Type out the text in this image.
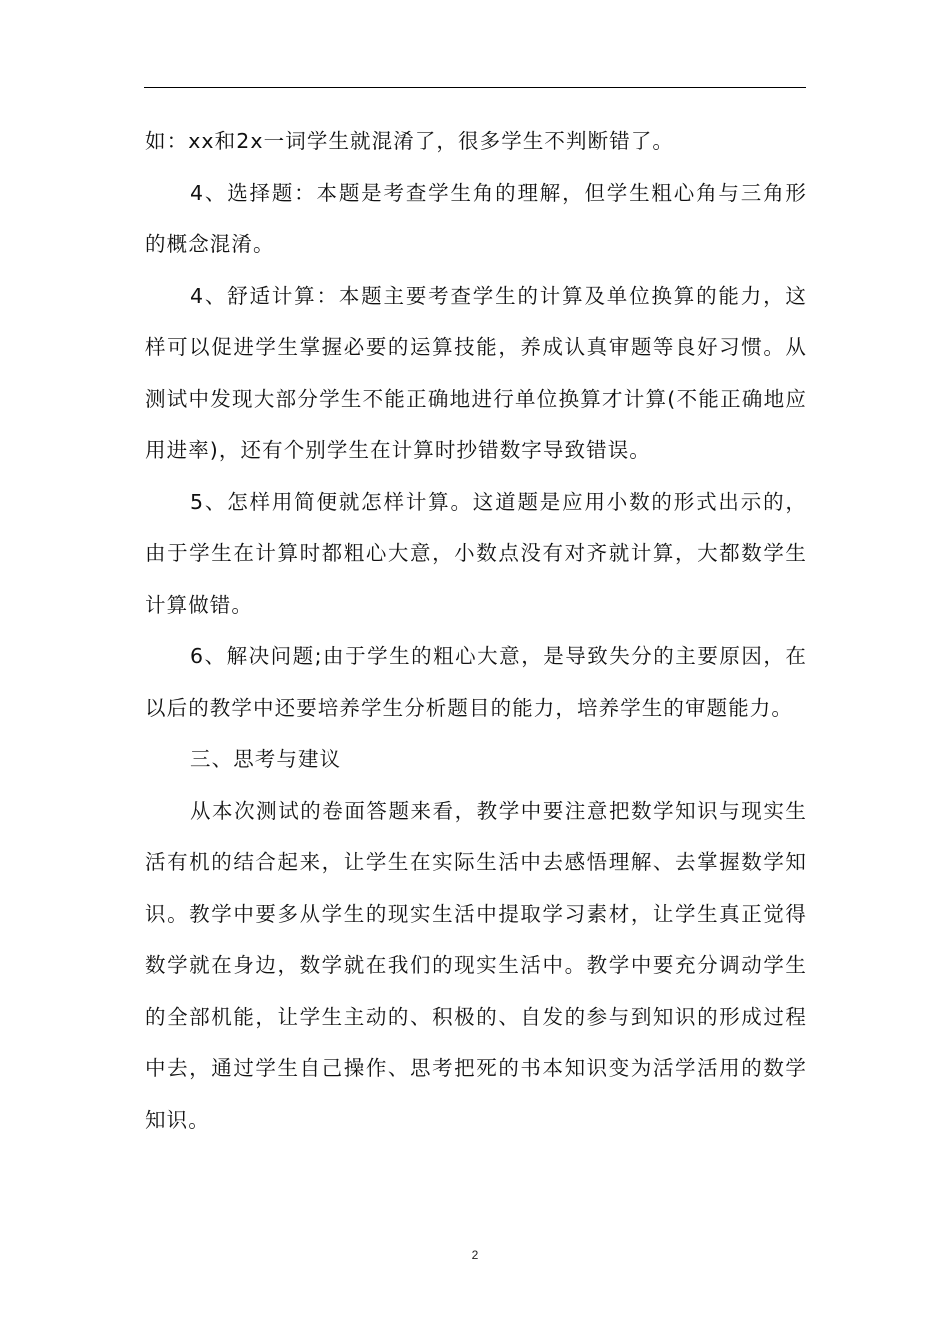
如：xx和2x一词学生就混淆了，很多学生不判断错了。

4、选择题：本题是考查学生角的理解，但学生粗心角与三角形的概念混淆。

4、舒适计算：本题主要考查学生的计算及单位换算的能力，这样可以促进学生掌握必要的运算技能，养成认真审题等良好习惯。从测试中发现大部分学生不能正确地进行单位换算才计算(不能正确地应用进率)，还有个别学生在计算时抄错数字导致错误。

5、怎样用简便就怎样计算。这道题是应用小数的形式出示的，由于学生在计算时都粗心大意，小数点没有对齐就计算，大都数学生计算做错。

6、解决问题;由于学生的粗心大意，是导致失分的主要原因，在以后的教学中还要培养学生分析题目的能力，培养学生的审题能力。

三、思考与建议

从本次测试的卷面答题来看，教学中要注意把数学知识与现实生活有机的结合起来，让学生在实际生活中去感悟理解、去掌握数学知识。教学中要多从学生的现实生活中提取学习素材，让学生真正觉得数学就在身边，数学就在我们的现实生活中。教学中要充分调动学生的全部机能，让学生主动的、积极的、自发的参与到知识的形成过程中去，通过学生自己操作、思考把死的书本知识变为活学活用的数学知识。

2
